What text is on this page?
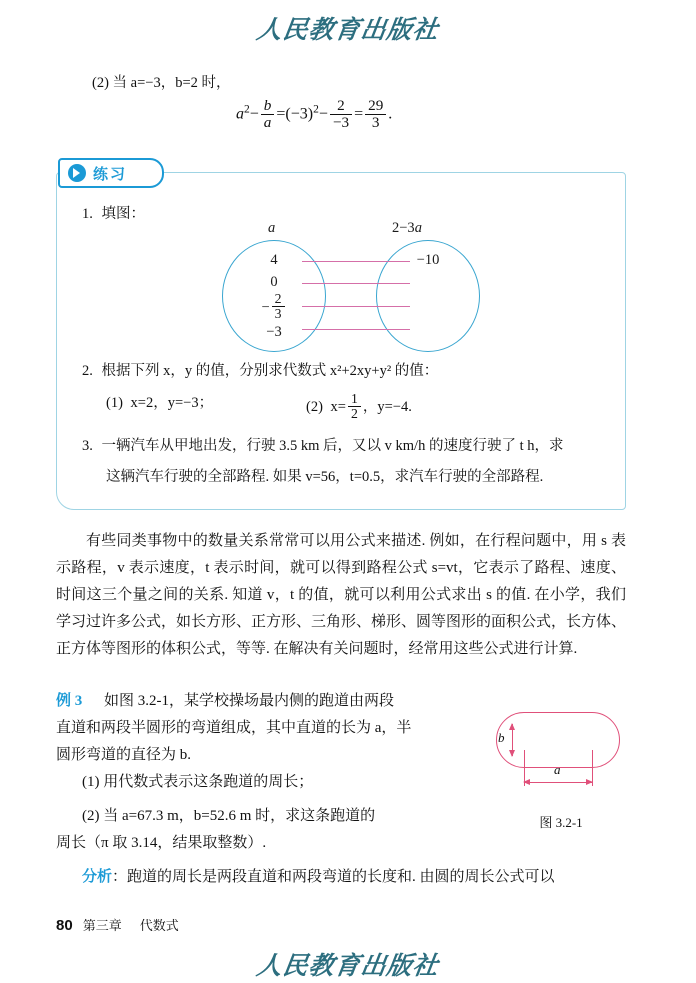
人民教育出版社
(2) 当 a=−3，b=2 时，
$a^2- \frac{b}{a} =(-3)^2- \frac{2}{-3} = \frac{29}{3}$ .
练习
1. 填图：
a	2−3a
4
0
− $\frac{2}{3}$
−3
−10
2. 根据下列 x，y 的值，分别求代数式 x²+2xy+y² 的值：
(1) x=2，y=−3；	(2) $x= \frac{1}{2}$ ，y=−4.
3. 一辆汽车从甲地出发，行驶 3.5 km 后，又以 v km/h 的速度行驶了 t h，求
这辆汽车行驶的全部路程. 如果 v=56，t=0.5，求汽车行驶的全部路程.
有些同类事物中的数量关系常常可以用公式来描述. 例如，在行程问题中，用 s 表示路程，v 表示速度，t 表示时间，就可以得到路程公式 s=vt，它表示了路程、速度、时间这三个量之间的关系. 知道 v，t 的值，就可以利用公式求出 s 的值. 在小学，我们学习过许多公式，如长方形、正方形、三角形、梯形、圆等图形的面积公式，长方体、正方体等图形的体积公式，等等. 在解决有关问题时，经常用这些公式进行计算.
例 3 如图 3.2-1，某学校操场最内侧的跑道由两段
直道和两段半圆形的弯道组成，其中直道的长为 a，半
圆形弯道的直径为 b.
(1) 用代数式表示这条跑道的周长；
(2) 当 a=67.3 m，b=52.6 m 时，求这条跑道的
周长（π 取 3.14，结果取整数）.
分析：跑道的周长是两段直道和两段弯道的长度和. 由圆的周长公式可以
b
a
图 3.2-1
80 第三章 代数式
人民教育出版社
